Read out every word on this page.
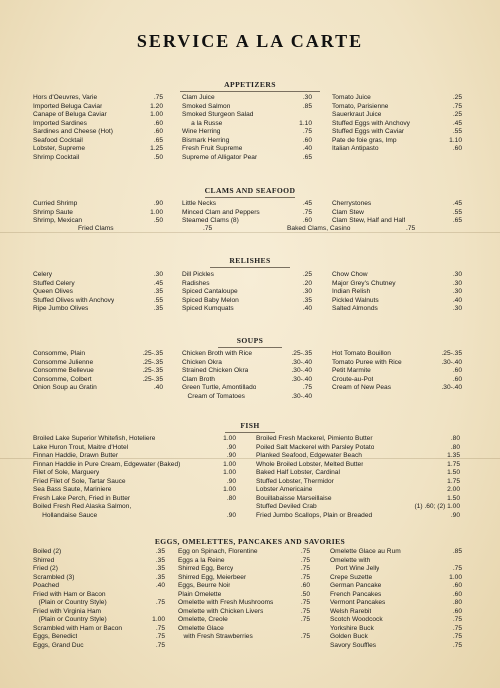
SERVICE A LA CARTE
APPETIZERS
Hors d'Oeuvres, Varie	.75
Imported Beluga Caviar	1.20
Canape of Beluga Caviar	1.00
Imported Sardines	.60
Sardines and Cheese (Hot)	.60
Seafood Cocktail	.65
Lobster, Supreme	1.25
Shrimp Cocktail	.50
Clam Juice	.30
Smoked Salmon	.85
Smoked Sturgeon Salad
a la Russe	1.10
Wine Herring	.75
Bismark Herring	.60
Fresh Fruit Supreme	.40
Supreme of Alligator Pear	.65
Tomato Juice	.25
Tomato, Parisienne	.75
Sauerkraut Juice	.25
Stuffed Eggs with Anchovy	.45
Stuffed Eggs with Caviar	.55
Pate de foie gras, Imp	1.10
Italian Antipasto	.60
CLAMS AND SEAFOOD
Curried Shrimp	.90
Shrimp Saute	1.00
Shrimp, Mexican	.50
Little Necks	.45
Minced Clam and Peppers	.75
Steamed Clams (8)	.60
Cherrystones	.45
Clam Stew	.55
Clam Stew, Half and Half	.65
Fried Clams	.75	Baked Clams, Casino	.75
RELISHES
Celery	.30
Stuffed Celery	.45
Queen Olives	.35
Stuffed Olives with Anchovy	.55
Ripe Jumbo Olives	.35
Dill Pickles	.25
Radishes	.20
Spiced Cantaloupe	.30
Spiced Baby Melon	.35
Spiced Kumquats	.40
Chow Chow	.30
Major Grey's Chutney	.30
Indian Relish	.30
Pickled Walnuts	.40
Salted Almonds	.30
SOUPS
Consomme, Plain	.25-.35
Consomme Julienne	.25-.35
Consomme Bellevue	.25-.35
Consomme, Colbert	.25-.35
Onion Soup au Gratin	.40
Chicken Broth with Rice	.25-.35
Chicken Okra	.30-.40
Strained Chicken Okra	.30-.40
Clam Broth	.30-.40
Green Turtle, Amontillado	.75
Cream of Tomatoes	.30-.40
Hot Tomato Bouillon	.25-.35
Tomato Puree with Rice	.30-.40
Petit Marmite	.60
Croute-au-Pot	.60
Cream of New Peas	.30-.40
FISH
Broiled Lake Superior Whitefish, Hoteliere	1.00
Lake Huron Trout, Maitre d'Hotel	.90
Finnan Haddie, Drawn Butter	.90
Finnan Haddie in Pure Cream, Edgewater (Baked)	1.00
Filet of Sole, Marguery	1.00
Fried Filet of Sole, Tartar Sauce	.90
Sea Bass Saute, Mariniere	1.00
Fresh Lake Perch, Fried in Butter	.80
Boiled Fresh Red Alaska Salmon,
Hollandaise Sauce	.90
Broiled Fresh Mackerel, Pimiento Butter	.80
Poiled Salt Mackerel with Parsley Potato	.80
Planked Seafood, Edgewater Beach	1.35
Whole Broiled Lobster, Melted Butter	1.75
Baked Half Lobster, Cardinal	1.50
Stuffed Lobster, Thermidor	1.75
Lobster Americaine	2.00
Bouillabaisse Marseillaise	1.50
Stuffed Deviled Crab	(1) .60; (2) 1.00
Fried Jumbo Scallops, Plain or Breaded	.90
EGGS, OMELETTES, PANCAKES AND SAVORIES
Boiled (2)	.35
Shirred	.35
Fried (2)	.35
Scrambled (3)	.35
Poached	.40
Fried with Ham or Bacon
(Plain or Country Style)	.75
Fried with Virginia Ham
(Plain or Country Style)	1.00
Scrambled with Ham or Bacon	.75
Eggs, Benedict	.75
Eggs, Grand Duc	.75
Egg on Spinach, Florentine	.75
Eggs a la Reine	.75
Shirred Egg, Bercy	.75
Shirred Egg, Meierbeer	.75
Eggs, Beurre Noir	.60
Plain Omelette	.50
Omelette with Fresh Mushrooms	.75
Omelette with Chicken Livers	.75
Omelette, Creole	.75
Omelette Glace
with Fresh Strawberries	.75
Omelette Glace au Rum	.85
Omelette with
Port Wine Jelly	.75
Crepe Suzette	1.00
German Pancake	.60
French Pancakes	.60
Vermont Pancakes	.80
Welsh Rarebit	.60
Scotch Woodcock	.75
Yorkshire Buck	.75
Golden Buck	.75
Savory Souffles	.75
